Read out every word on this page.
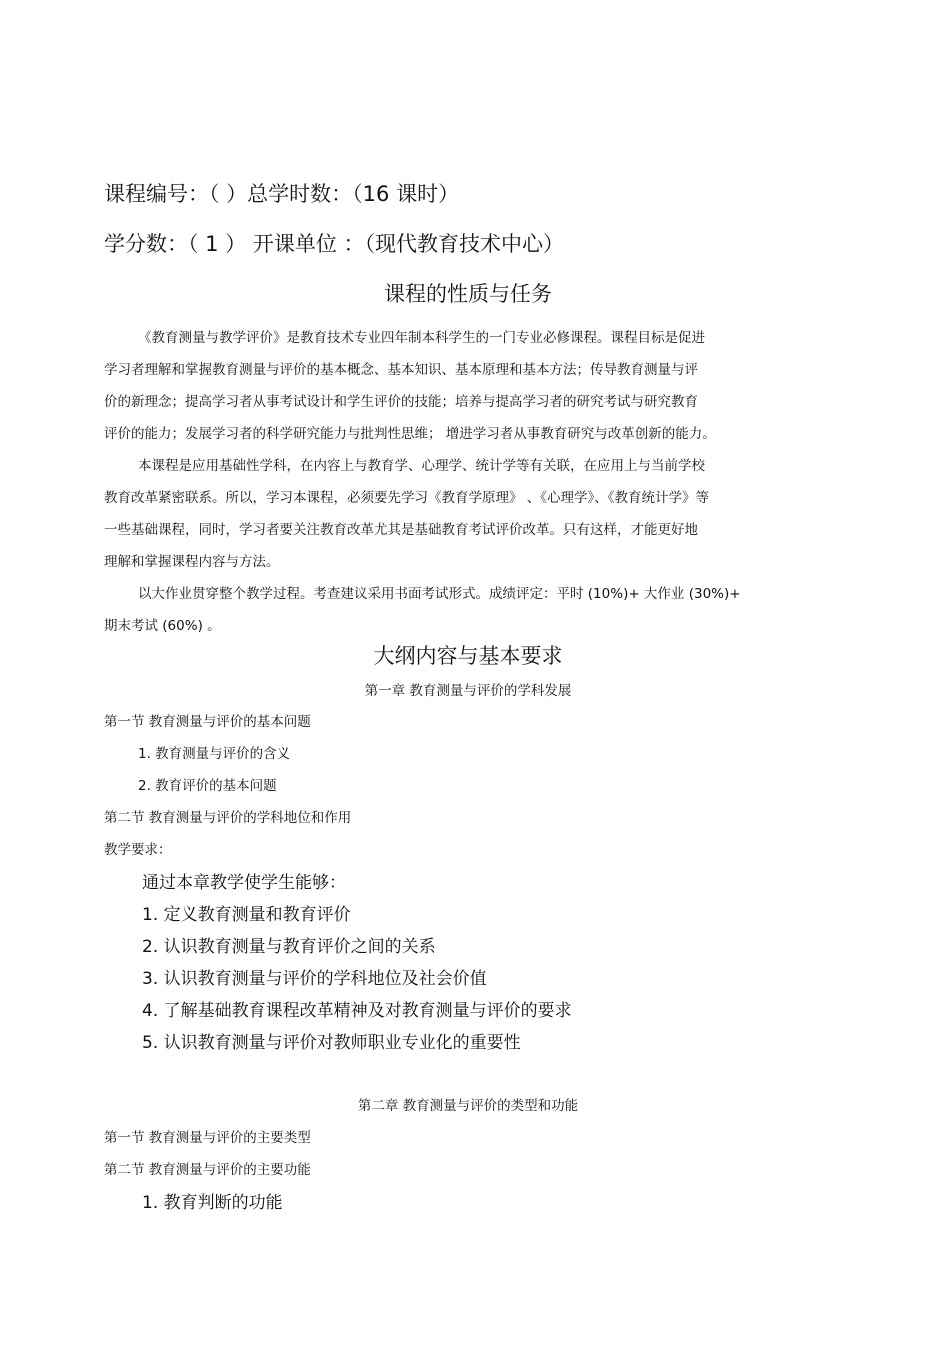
课程编号：（ ）总学时数：（16 课时）
学分数：（ 1 ） 开课单位 ：（现代教育技术中心）
课程的性质与任务
《教育测量与教学评价》是教育技术专业四年制本科学生的一门专业必修课程。课程目标是促进
学习者理解和掌握教育测量与评价的基本概念、基本知识、基本原理和基本方法；传导教育测量与评
价的新理念；提高学习者从事考试设计和学生评价的技能；培养与提高学习者的研究考试与研究教育
评价的能力；发展学习者的科学研究能力与批判性思维； 增进学习者从事教育研究与改革创新的能力。
本课程是应用基础性学科，在内容上与教育学、心理学、统计学等有关联，在应用上与当前学校
教育改革紧密联系。所以，学习本课程，必须要先学习《教育学原理》 、《心理学》、《教育统计学》等
一些基础课程，同时，学习者要关注教育改革尤其是基础教育考试评价改革。只有这样，才能更好地
理解和掌握课程内容与方法。
以大作业贯穿整个教学过程。考查建议采用书面考试形式。成绩评定：平时 (10%)+ 大作业 (30%)+
期末考试 (60%) 。
大纲内容与基本要求
第一章 教育测量与评价的学科发展
第一节 教育测量与评价的基本问题
1. 教育测量与评价的含义
2. 教育评价的基本问题
第二节 教育测量与评价的学科地位和作用
教学要求：
通过本章教学使学生能够：
1. 定义教育测量和教育评价
2. 认识教育测量与教育评价之间的关系
3. 认识教育测量与评价的学科地位及社会价值
4. 了解基础教育课程改革精神及对教育测量与评价的要求
5. 认识教育测量与评价对教师职业专业化的重要性
第二章 教育测量与评价的类型和功能
第一节 教育测量与评价的主要类型
第二节 教育测量与评价的主要功能
1. 教育判断的功能
